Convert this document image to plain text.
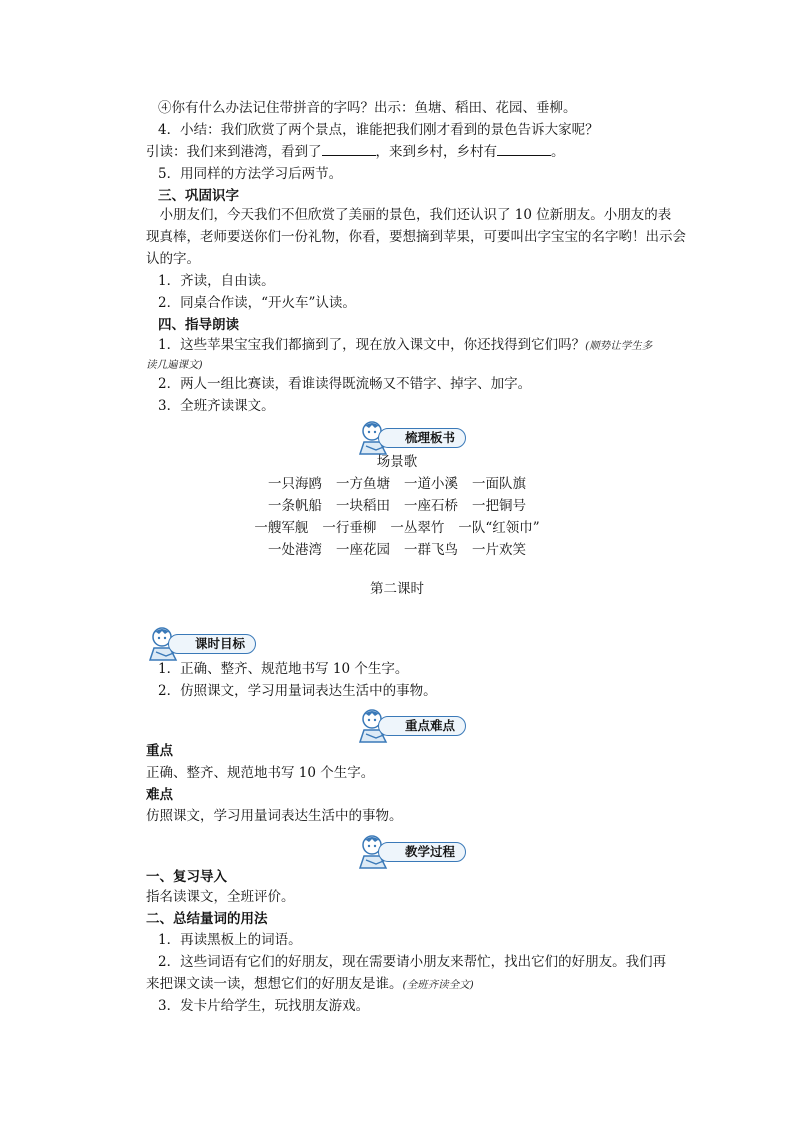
④你有什么办法记住带拼音的字吗？出示：鱼塘、稻田、花园、垂柳。
4．小结：我们欣赏了两个景点，谁能把我们刚才看到的景色告诉大家呢？
引读：我们来到港湾，看到了	，来到乡村，乡村有	。
5．用同样的方法学习后两节。
三、巩固识字
 小朋友们，今天我们不但欣赏了美丽的景色，我们还认识了 10 位新朋友。小朋友的表
现真棒，老师要送你们一份礼物，你看，要想摘到苹果，可要叫出字宝宝的名字哟！出示会
认的字。
1．齐读，自由读。
2．同桌合作读，“开火车”认读。
四、指导朗读
1．这些苹果宝宝我们都摘到了，现在放入课文中，你还找得到它们吗？(顺势让学生多
读几遍课文)
2．两人一组比赛读，看谁读得既流畅又不错字、掉字、加字。
3．全班齐读课文。
梳理板书
场景歌
一只海鸥 一方鱼塘 一道小溪 一面队旗
一条帆船 一块稻田 一座石桥 一把铜号
一艘军舰 一行垂柳 一丛翠竹 一队“红领巾”
一处港湾 一座花园 一群飞鸟 一片欢笑
第二课时
课时目标
1．正确、整齐、规范地书写 10 个生字。
2．仿照课文，学习用量词表达生活中的事物。
重点难点
重点
正确、整齐、规范地书写 10 个生字。
难点
仿照课文，学习用量词表达生活中的事物。
教学过程
一、复习导入
指名读课文，全班评价。
二、总结量词的用法
1．再读黑板上的词语。
2．这些词语有它们的好朋友，现在需要请小朋友来帮忙，找出它们的好朋友。我们再
来把课文读一读，想想它们的好朋友是谁。(全班齐读全文)
3．发卡片给学生，玩找朋友游戏。
